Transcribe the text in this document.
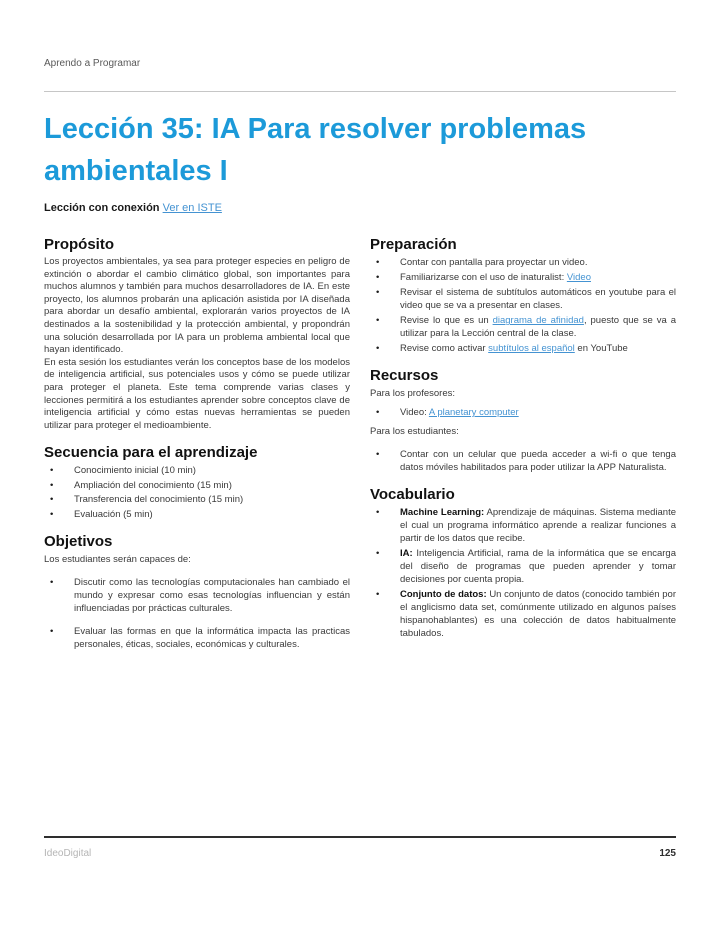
Aprendo a Programar
Lección 35: IA Para resolver problemas ambientales I
Lección con conexión Ver en ISTE
Propósito

Los proyectos ambientales, ya sea para proteger especies en peligro de extinción o abordar el cambio climático global, son importantes para muchos alumnos y también para muchos desarrolladores de IA. En este proyecto, los alumnos probarán una aplicación asistida por IA diseñada para abordar un desafío ambiental, explorarán varios proyectos de IA destinados a la sostenibilidad y la protección ambiental, y propondrán una solución desarrollada por IA para un problema ambiental local que hayan identificado.

En esta sesión los estudiantes verán los conceptos base de los modelos de inteligencia artificial, sus potenciales usos y cómo se puede utilizar para proteger el planeta. Este tema comprende varias clases y lecciones permitirá a los estudiantes aprender sobre conceptos clave de inteligencia artificial y cómo estas nuevas herramientas se pueden utilizar para proteger el medioambiente.

Secuencia para el aprendizaje
• Conocimiento inicial (10 min)
• Ampliación del conocimiento (15 min)
• Transferencia del conocimiento (15 min)
• Evaluación (5 min)
Objetivos
Los estudiantes serán capaces de:
• Discutir como las tecnologías computacionales han cambiado el mundo y expresar como esas tecnologías influencian y están influenciadas por prácticas culturales.
• Evaluar las formas en que la informática impacta las practicas personales, éticas, sociales, económicas y culturales.
Preparación
• Contar con pantalla para proyectar un video.
• Familiarizarse con el uso de inaturalist: Video
• Revisar el sistema de subtítulos automáticos en youtube para el video que se va a presentar en clases.
• Revise lo que es un diagrama de afinidad, puesto que se va a utilizar para la Lección central de la clase.
• Revise como activar subtítulos al español en YouTube
Recursos
Para los profesores:
• Video: A planetary computer
Para los estudiantes:
• Contar con un celular que pueda acceder a wi-fi o que tenga datos móviles habilitados para poder utilizar la APP Naturalista.
Vocabulario
• Machine Learning: Aprendizaje de máquinas. Sistema mediante el cual un programa informático aprende a realizar funciones a partir de los datos que recibe.
• IA: Inteligencia Artificial, rama de la informática que se encarga del diseño de programas que pueden aprender y tomar decisiones por cuenta propia.
• Conjunto de datos: Un conjunto de datos (conocido también por el anglicismo data set, comúnmente utilizado en algunos países hispanohablantes) es una colección de datos habitualmente tabulados.
IdeoDigital	125
